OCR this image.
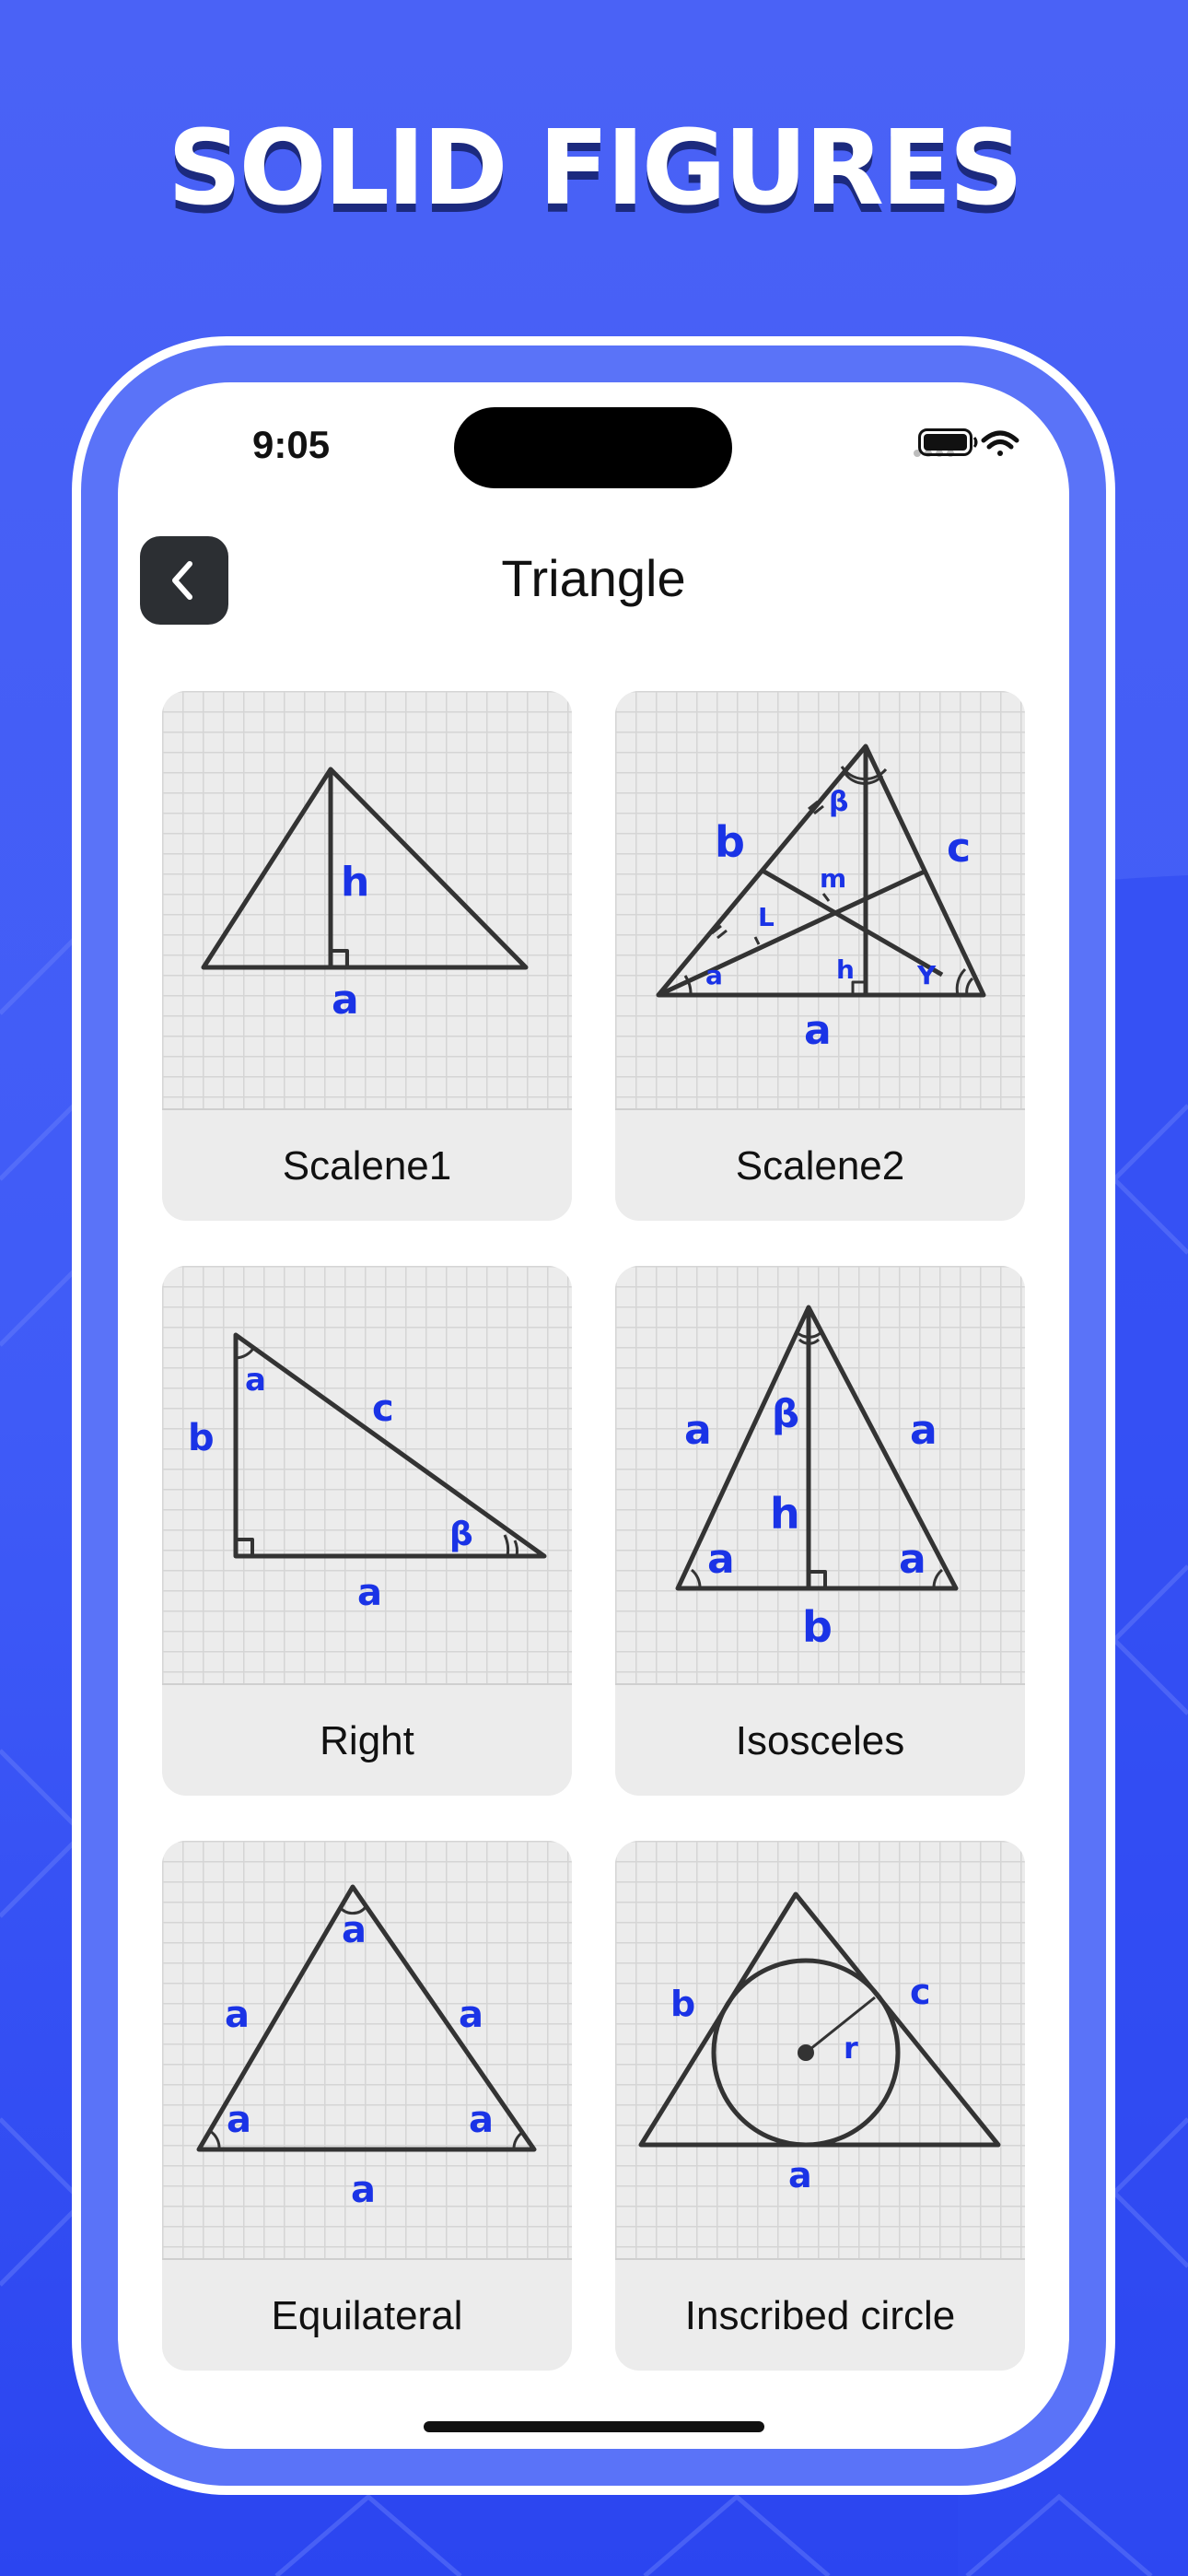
SOLID FIGURES
9:05
Triangle
h
a
Scalene1
b	c
a
β
m
L
a	h Y
Scalene2
a
b
c
β
a
Right
a	a
β
h
a	a
b
Isosceles
a
a	a
a	a
a
Equilateral
b	c
r
a
Inscribed circle
